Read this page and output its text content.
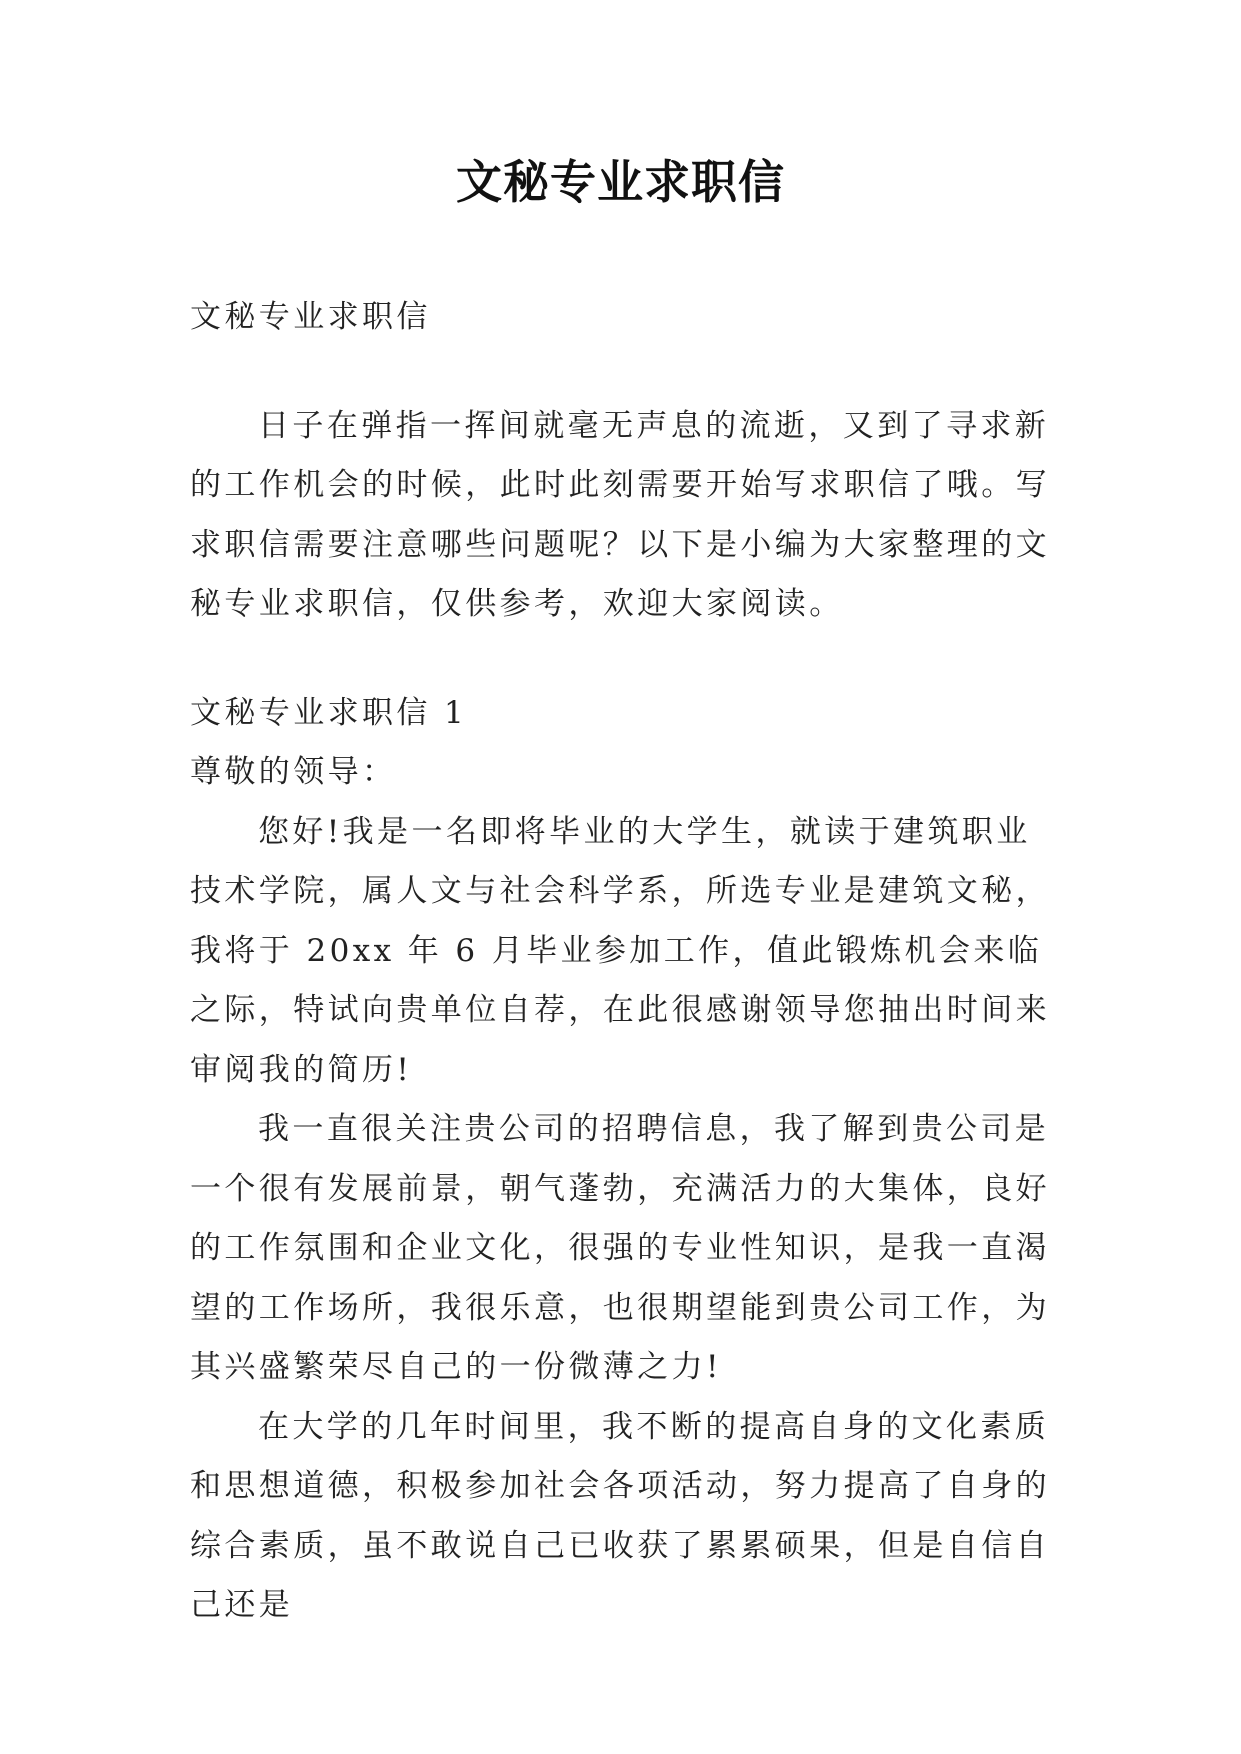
文秘专业求职信

文秘专业求职信

日子在弹指一挥间就毫无声息的流逝，又到了寻求新的工作机会的时候，此时此刻需要开始写求职信了哦。写求职信需要注意哪些问题呢？以下是小编为大家整理的文秘专业求职信，仅供参考，欢迎大家阅读。

文秘专业求职信 1

尊敬的领导：

您好!我是一名即将毕业的大学生，就读于建筑职业技术学院，属人文与社会科学系，所选专业是建筑文秘，我将于 20xx 年 6 月毕业参加工作，值此锻炼机会来临之际，特试向贵单位自荐，在此很感谢领导您抽出时间来审阅我的简历!

我一直很关注贵公司的招聘信息，我了解到贵公司是一个很有发展前景，朝气蓬勃，充满活力的大集体，良好的工作氛围和企业文化，很强的专业性知识，是我一直渴望的工作场所，我很乐意，也很期望能到贵公司工作，为其兴盛繁荣尽自己的一份微薄之力!

在大学的几年时间里，我不断的提高自身的文化素质和思想道德，积极参加社会各项活动，努力提高了自身的综合素质，虽不敢说自己已收获了累累硕果，但是自信自己还是
